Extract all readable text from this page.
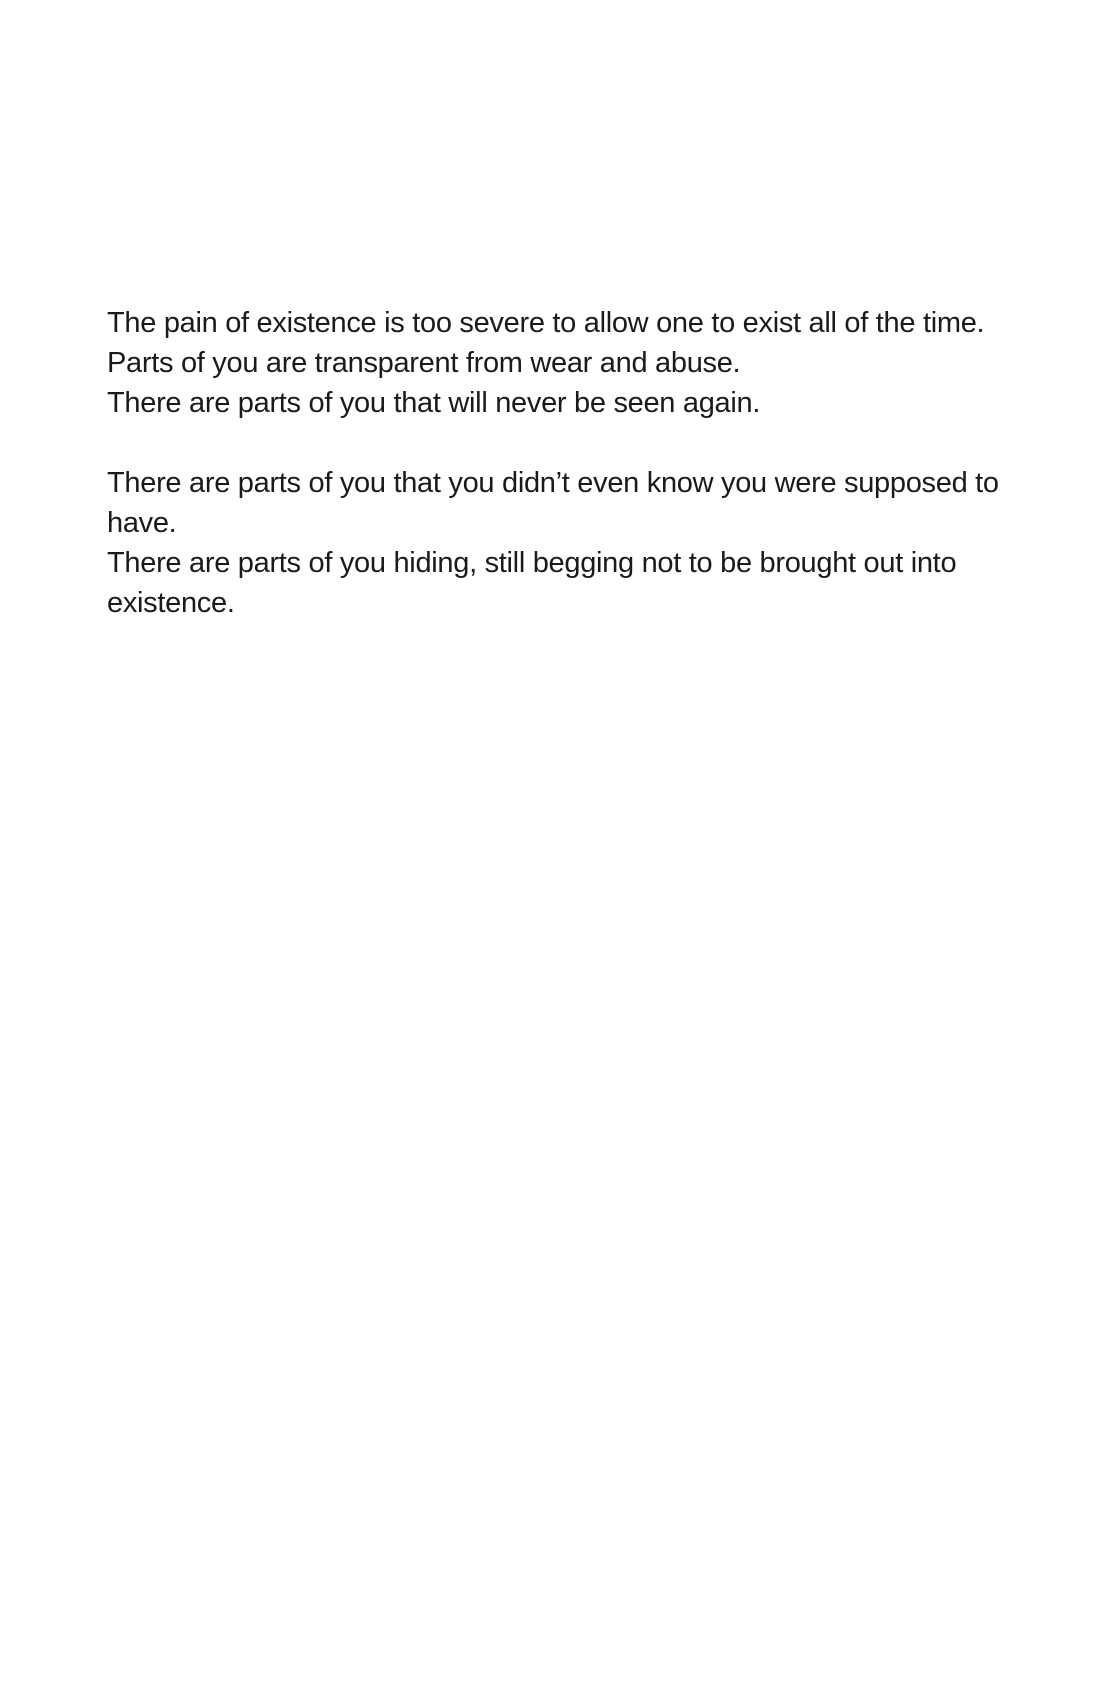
The pain of existence is too severe to allow one to exist all of the time.

Parts of you are transparent from wear and abuse.

There are parts of you that will never be seen again.

There are parts of you that you didn’t even know you were supposed to have.

There are parts of you hiding, still begging not to be brought out into existence.
